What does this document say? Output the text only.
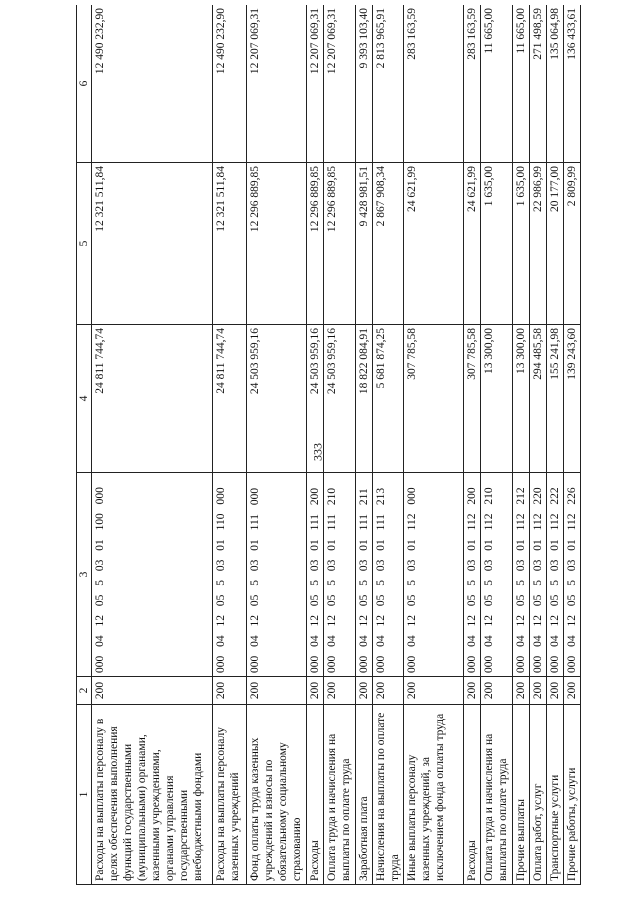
333
1	2	3	4	5	6
Расходы на выплаты персоналу в целях обеспечения выполнения функций государственными (муниципальными) органами, казенными учреждениями, органами управления государственными внебюджетными фондами	200	000 04 12 05 5 03 01 100 000	24 811 744,74	12 321 511,84	12 490 232,90
Расходы на выплаты персоналу казенных учреждений	200	000 04 12 05 5 03 01 110 000	24 811 744,74	12 321 511,84	12 490 232,90
Фонд оплаты труда казенных учреждений и взносы по обязательному социальному страхованию	200	000 04 12 05 5 03 01 111 000	24 503 959,16	12 296 889,85	12 207 069,31
Расходы	200	000 04 12 05 5 03 01 111 200	24 503 959,16	12 296 889,85	12 207 069,31
Оплата труда и начисления на выплаты по оплате труда	200	000 04 12 05 5 03 01 111 210	24 503 959,16	12 296 889,85	12 207 069,31
Заработная плата	200	000 04 12 05 5 03 01 111 211	18 822 084,91	9 428 981,51	9 393 103,40
Начисления на выплаты по оплате труда	200	000 04 12 05 5 03 01 111 213	5 681 874,25	2 867 908,34	2 813 965,91
Иные выплаты персоналу казенных учреждений, за исключением фонда оплаты труда	200	000 04 12 05 5 03 01 112 000	307 785,58	24 621,99	283 163,59
Расходы	200	000 04 12 05 5 03 01 112 200	307 785,58	24 621,99	283 163,59
Оплата труда и начисления на выплаты по оплате труда	200	000 04 12 05 5 03 01 112 210	13 300,00	1 635,00	11 665,00
Прочие выплаты	200	000 04 12 05 5 03 01 112 212	13 300,00	1 635,00	11 665,00
Оплата работ, услуг	200	000 04 12 05 5 03 01 112 220	294 485,58	22 986,99	271 498,59
Транспортные услуги	200	000 04 12 05 5 03 01 112 222	155 241,98	20 177,00	135 064,98
Прочие работы, услуги	200	000 04 12 05 5 03 01 112 226	139 243,60	2 809,99	136 433,61
